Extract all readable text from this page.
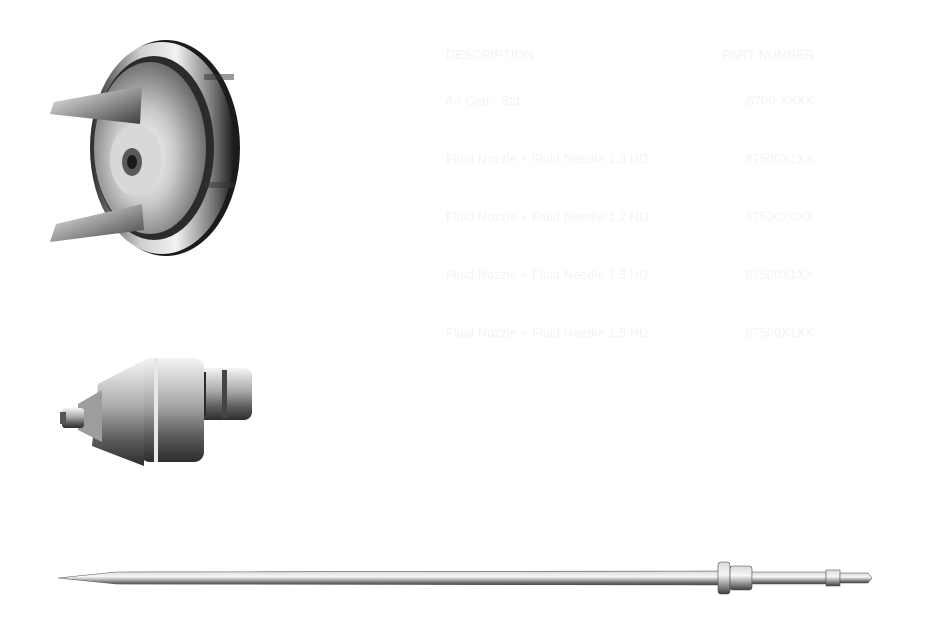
DESCRIPTION	PART NUMBER
Air Cap - Std	8700-XXXX
Fluid Nozzle + Fluid Needle 1.3 HD	87500X1XX
Fluid Nozzle + Fluid Needle 1.2 HD	87500X0XX
Fluid Nozzle + Fluid Needle 1.3 HD	87500X1XX
Fluid Nozzle + Fluid Needle 1.5 HD	87500X1XX
